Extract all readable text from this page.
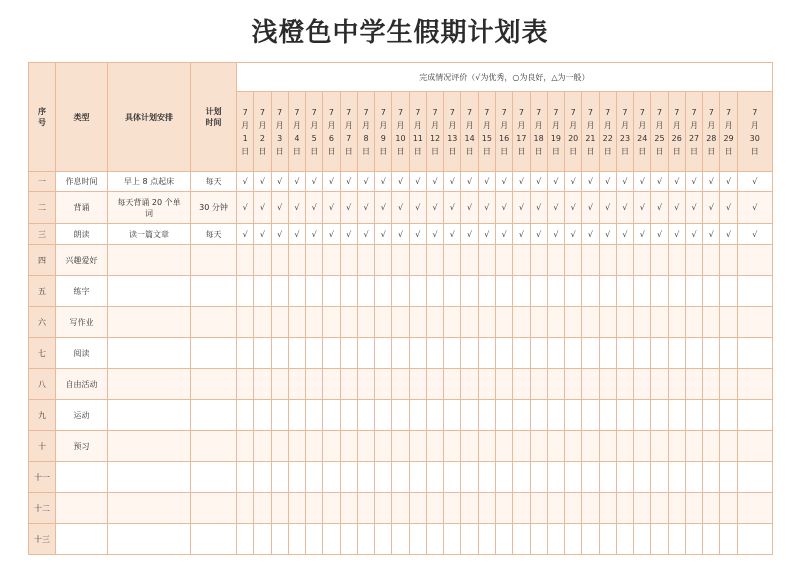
浅橙色中学生假期计划表
序
号	类型	具体计划安排	计划
时间	完成情况评价（√为优秀，○为良好，△为一般）																													
				7
月
1
日	7
月
2
日	7
月
3
日	7
月
4
日	7
月
5
日	7
月
6
日	7
月
7
日	7
月
8
日	7
月
9
日	7
月
10
日	7
月
11
日	7
月
12
日	7
月
13
日	7
月
14
日	7
月
15
日	7
月
16
日	7
月
17
日	7
月
18
日	7
月
19
日	7
月
20
日	7
月
21
日	7
月
22
日	7
月
23
日	7
月
24
日	7
月
25
日	7
月
26
日	7
月
27
日	7
月
28
日	7
月
29
日	7
月
30
日
一	作息时间	早上 8 点起床	每天	√	√	√	√	√	√	√	√	√	√	√	√	√	√	√	√	√	√	√	√	√	√	√	√	√	√	√	√	√	√
二	背诵	每天背诵 20 个单词	30 分钟	√	√	√	√	√	√	√	√	√	√	√	√	√	√	√	√	√	√	√	√	√	√	√	√	√	√	√	√	√	√
三	朗读	读一篇文章	每天	√	√	√	√	√	√	√	√	√	√	√	√	√	√	√	√	√	√	√	√	√	√	√	√	√	√	√	√	√	√
四	兴趣爱好																																
五	练字																																
六	写作业																																
七	阅读																																
八	自由活动																																
九	运动																																
十	预习																																
十一																																	
十二																																	
十三																																	
